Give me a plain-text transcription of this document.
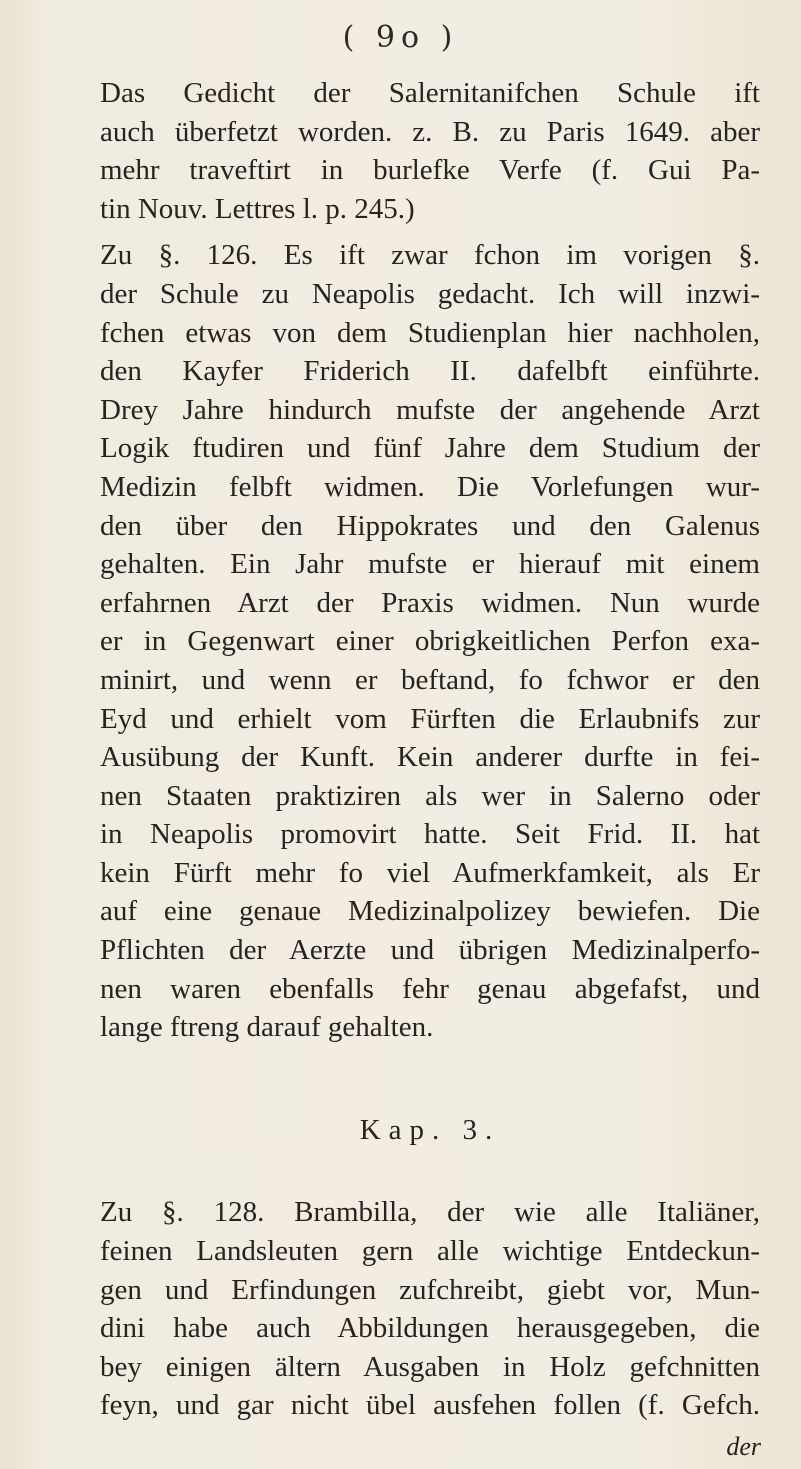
( 9o )
Das Gedicht der Salernitanifchen Schule ift
auch überfetzt worden. z. B. zu Paris 1649. aber
mehr traveftirt in burlefke Verfe (f. Gui Pa-
tin Nouv. Lettres l. p. 245.)
Zu §. 126. Es ift zwar fchon im vorigen §.
der Schule zu Neapolis gedacht. Ich will inzwi-
fchen etwas von dem Studienplan hier nachholen,
den Kayfer Friderich II. dafelbft einführte.
Drey Jahre hindurch mufste der angehende Arzt
Logik ftudiren und fünf Jahre dem Studium der
Medizin felbft widmen. Die Vorlefungen wur-
den über den Hippokrates und den Galenus
gehalten. Ein Jahr mufste er hierauf mit einem
erfahrnen Arzt der Praxis widmen. Nun wurde
er in Gegenwart einer obrigkeitlichen Perfon exa-
minirt, und wenn er beftand, fo fchwor er den
Eyd und erhielt vom Fürften die Erlaubnifs zur
Ausübung der Kunft. Kein anderer durfte in fei-
nen Staaten praktiziren als wer in Salerno oder
in Neapolis promovirt hatte. Seit Frid. II. hat
kein Fürft mehr fo viel Aufmerkfamkeit, als Er
auf eine genaue Medizinalpolizey bewiefen. Die
Pflichten der Aerzte und übrigen Medizinalperfo-
nen waren ebenfalls fehr genau abgefafst, und
lange ftreng darauf gehalten.
Kap. 3.
Zu §. 128. Brambilla, der wie alle Italiäner,
feinen Landsleuten gern alle wichtige Entdeckun-
gen und Erfindungen zufchreibt, giebt vor, Mun-
dini habe auch Abbildungen herausgegeben, die
bey einigen ältern Ausgaben in Holz gefchnitten
feyn, und gar nicht übel ausfehen follen (f. Gefch.
der
